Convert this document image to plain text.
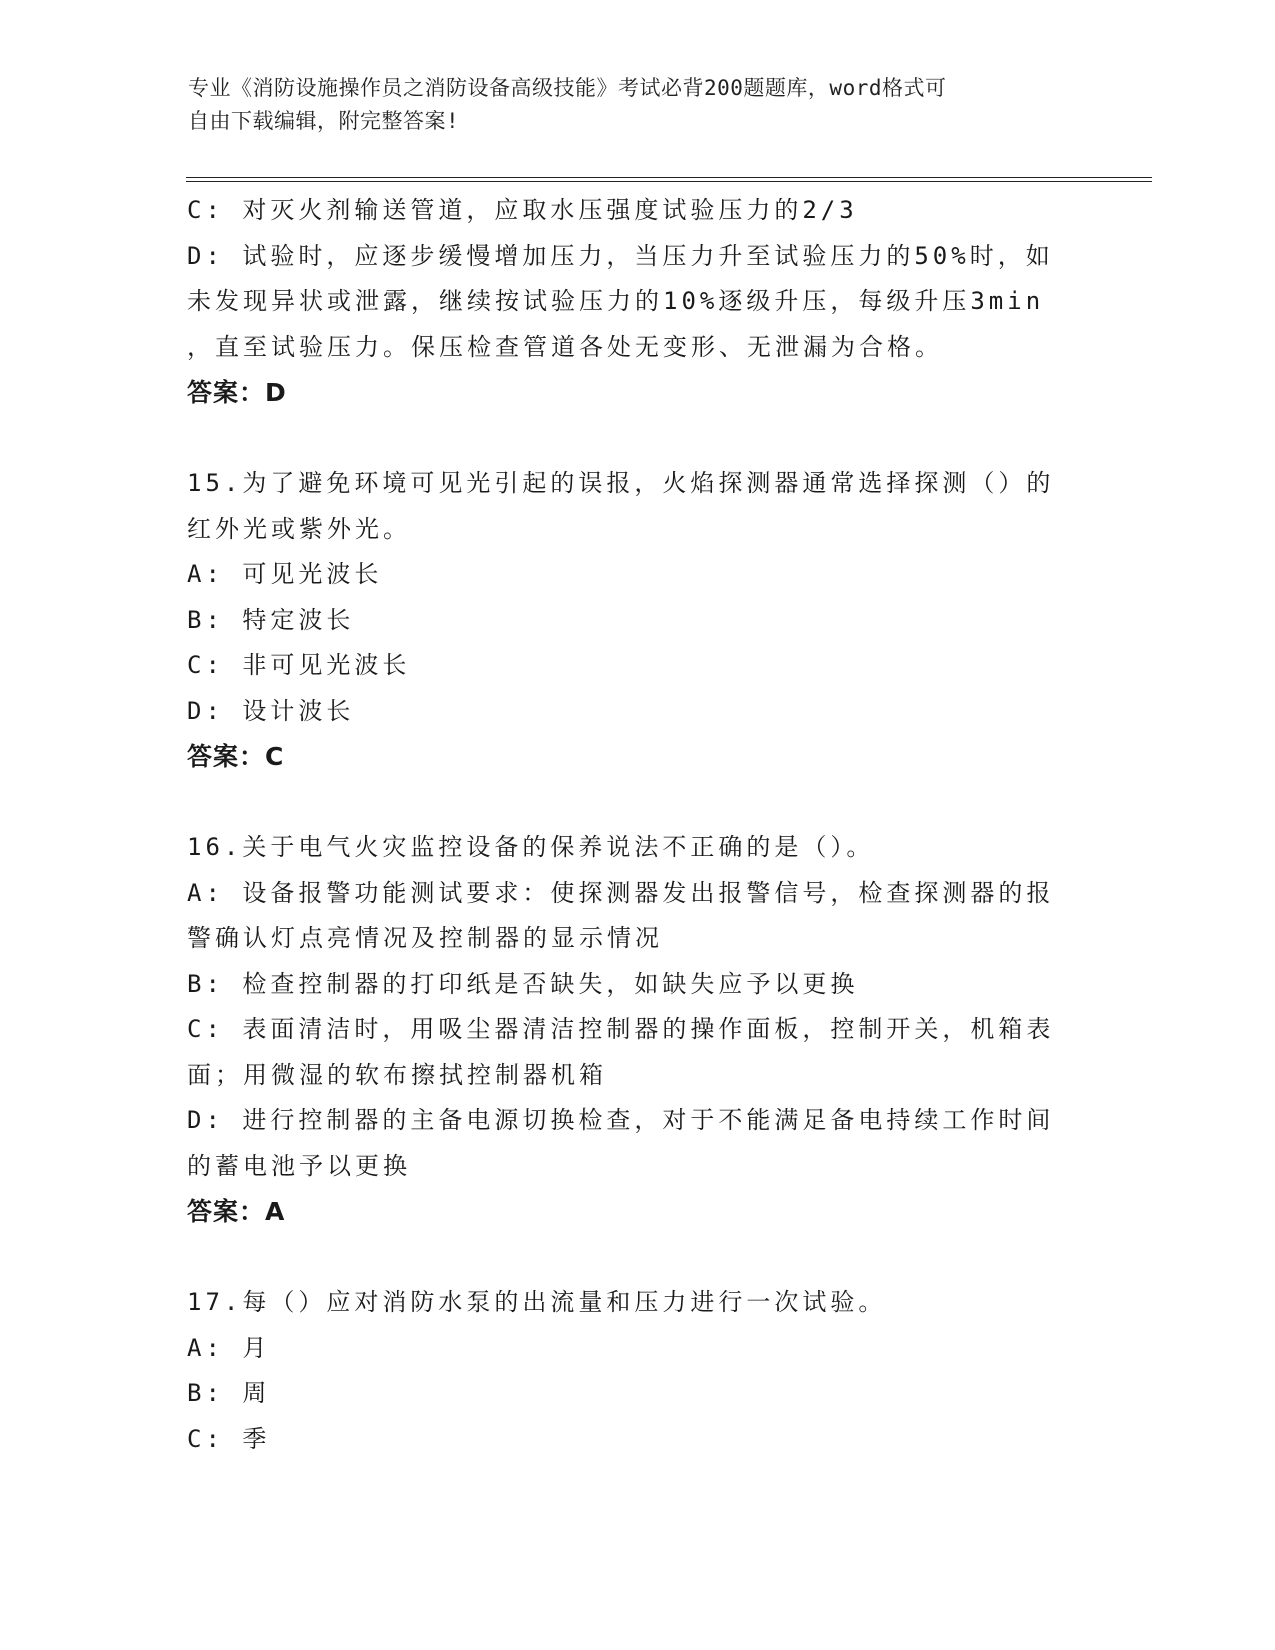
专业《消防设施操作员之消防设备高级技能》考试必背200题题库，word格式可
自由下载编辑，附完整答案!
C: 对灭火剂输送管道，应取水压强度试验压力的2/3
D: 试验时，应逐步缓慢增加压力，当压力升至试验压力的50%时，如
未发现异状或泄露，继续按试验压力的10%逐级升压，每级升压3min
，直至试验压力。保压检查管道各处无变形、无泄漏为合格。
答案：D
15.为了避免环境可见光引起的误报，火焰探测器通常选择探测（）的
红外光或紫外光。
A: 可见光波长
B: 特定波长
C: 非可见光波长
D: 设计波长
答案：C
16.关于电气火灾监控设备的保养说法不正确的是（）。
A: 设备报警功能测试要求：使探测器发出报警信号，检查探测器的报
警确认灯点亮情况及控制器的显示情况
B: 检查控制器的打印纸是否缺失，如缺失应予以更换
C: 表面清洁时，用吸尘器清洁控制器的操作面板，控制开关，机箱表
面；用微湿的软布擦拭控制器机箱
D: 进行控制器的主备电源切换检查，对于不能满足备电持续工作时间
的蓄电池予以更换
答案：A
17.每（）应对消防水泵的出流量和压力进行一次试验。
A: 月
B: 周
C: 季
